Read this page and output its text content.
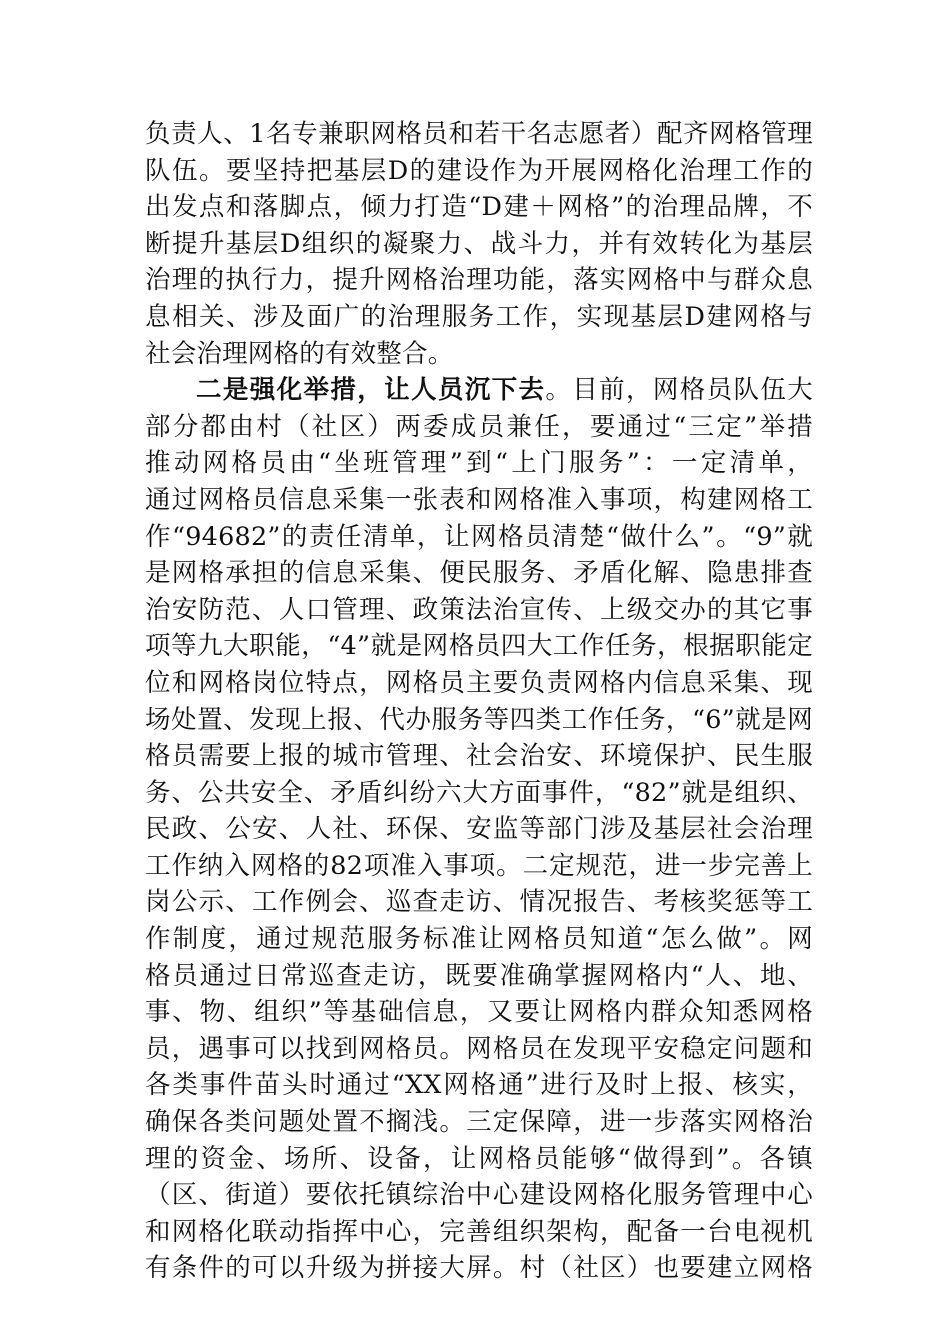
负责人、1名专兼职网格员和若干名志愿者）配齐网格管理
队伍。要坚持把基层D的建设作为开展网格化治理工作的
出发点和落脚点，倾力打造“D建＋网格”的治理品牌，不
断提升基层D组织的凝聚力、战斗力，并有效转化为基层
治理的执行力，提升网格治理功能，落实网格中与群众息
息相关、涉及面广的治理服务工作，实现基层D建网格与
社会治理网格的有效整合。
二是强化举措，让人员沉下去。目前，网格员队伍大
部分都由村（社区）两委成员兼任，要通过“三定”举措
推动网格员由“坐班管理”到“上门服务”：一定清单，
通过网格员信息采集一张表和网格准入事项，构建网格工
作“94682”的责任清单，让网格员清楚“做什么”。“9”就
是网格承担的信息采集、便民服务、矛盾化解、隐患排查
治安防范、人口管理、政策法治宣传、上级交办的其它事
项等九大职能，“4”就是网格员四大工作任务，根据职能定
位和网格岗位特点，网格员主要负责网格内信息采集、现
场处置、发现上报、代办服务等四类工作任务，“6”就是网
格员需要上报的城市管理、社会治安、环境保护、民生服
务、公共安全、矛盾纠纷六大方面事件，“82”就是组织、
民政、公安、人社、环保、安监等部门涉及基层社会治理
工作纳入网格的82项准入事项。二定规范，进一步完善上
岗公示、工作例会、巡查走访、情况报告、考核奖惩等工
作制度，通过规范服务标准让网格员知道“怎么做”。网
格员通过日常巡查走访，既要准确掌握网格内“人、地、
事、物、组织”等基础信息，又要让网格内群众知悉网格
员，遇事可以找到网格员。网格员在发现平安稳定问题和
各类事件苗头时通过“XX网格通”进行及时上报、核实，
确保各类问题处置不搁浅。三定保障，进一步落实网格治
理的资金、场所、设备，让网格员能够“做得到”。各镇
（区、街道）要依托镇综治中心建设网格化服务管理中心
和网格化联动指挥中心，完善组织架构，配备一台电视机
有条件的可以升级为拼接大屏。村（社区）也要建立网格
